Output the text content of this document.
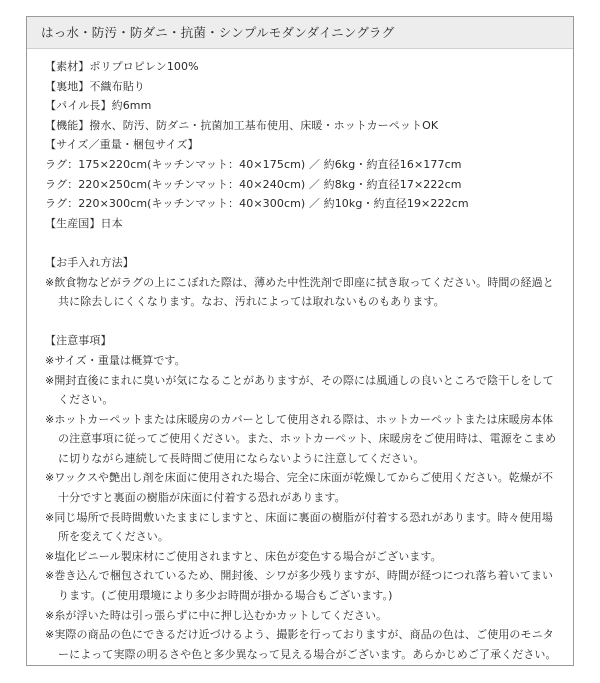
はっ水・防汚・防ダニ・抗菌・シンプルモダンダイニングラグ
【素材】ポリプロピレン100%
【裏地】不織布貼り
【パイル長】約6mm
【機能】撥水、防汚、防ダニ・抗菌加工基布使用、床暖・ホットカーペットOK
【サイズ／重量・梱包サイズ】
ラグ：175×220cm(キッチンマット：40×175cm) ／ 約6kg・約直径16×177cm
ラグ：220×250cm(キッチンマット：40×240cm) ／ 約8kg・約直径17×222cm
ラグ：220×300cm(キッチンマット：40×300cm) ／ 約10kg・約直径19×222cm
【生産国】日本
【お手入れ方法】
※飲食物などがラグの上にこぼれた際は、薄めた中性洗剤で即座に拭き取ってください。時間の経過と共に除去しにくくなります。なお、汚れによっては取れないものもあります。
【注意事項】
※サイズ・重量は概算です。
※開封直後にまれに臭いが気になることがありますが、その際には風通しの良いところで陰干しをしてください。
※ホットカーペットまたは床暖房のカバーとして使用される際は、ホットカーペットまたは床暖房本体の注意事項に従ってご使用ください。また、ホットカーペット、床暖房をご使用時は、電源をこまめに切りながら連続して長時間ご使用にならないように注意してください。
※ワックスや艶出し剤を床面に使用された場合、完全に床面が乾燥してからご使用ください。乾燥が不十分ですと裏面の樹脂が床面に付着する恐れがあります。
※同じ場所で長時間敷いたままにしますと、床面に裏面の樹脂が付着する恐れがあります。時々使用場所を変えてください。
※塩化ビニール製床材にご使用されますと、床色が変色する場合がございます。
※巻き込んで梱包されているため、開封後、シワが多少残りますが、時間が経つにつれ落ち着いてまいります。(ご使用環境により多少お時間が掛かる場合もございます。)
※糸が浮いた時は引っ張らずに中に押し込むかカットしてください。
※実際の商品の色にできるだけ近づけるよう、撮影を行っておりますが、商品の色は、ご使用のモニターによって実際の明るさや色と多少異なって見える場合がございます。あらかじめご了承ください。
